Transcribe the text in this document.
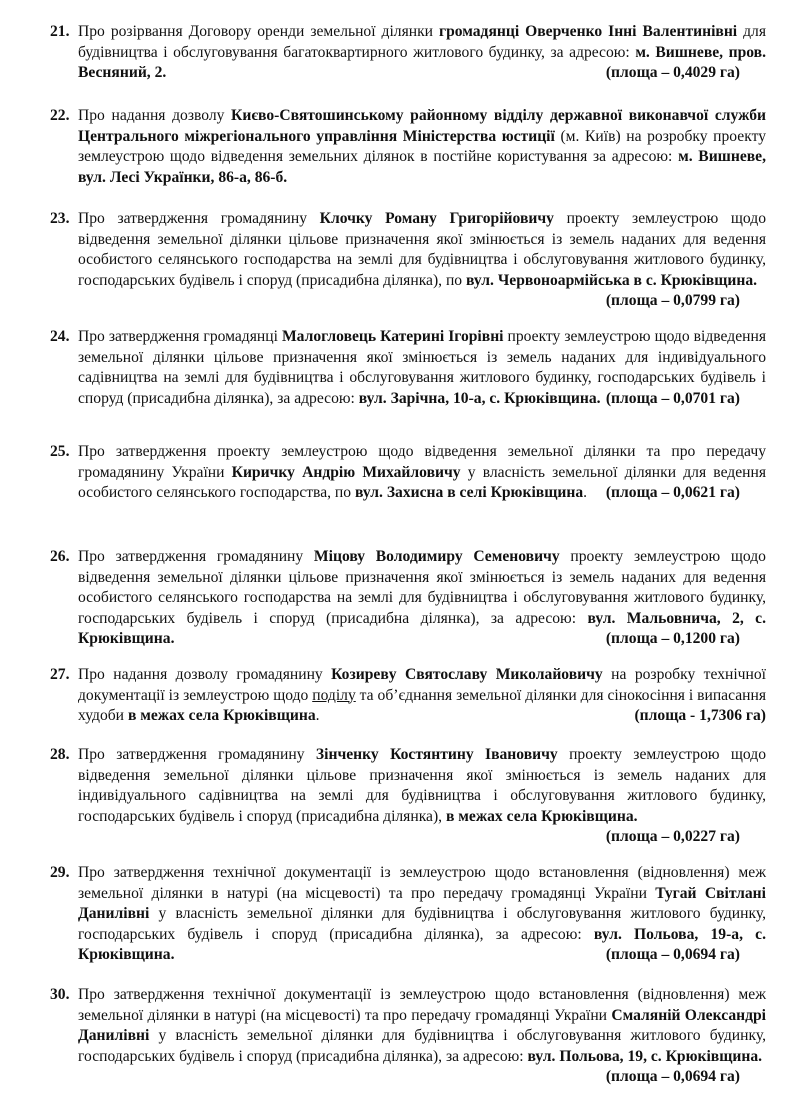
21. Про розірвання Договору оренди земельної ділянки громадянці Оверченко Інні Валентинівні для будівництва і обслуговування багатоквартирного житлового будинку, за адресою: м. Вишневе, пров. Весняний, 2.	(площа – 0,4029 га)
22. Про надання дозволу Києво-Святошинському районному відділу державної виконавчої служби Центрального міжрегіонального управління Міністерства юстиції (м. Київ) на розробку проекту землеустрою щодо відведення земельних ділянок в постійне користування за адресою: м. Вишневе, вул. Лесі Українки, 86-а, 86-б.
23. Про затвердження громадянину Клочку Роману Григорійовичу проекту землеустрою щодо відведення земельної ділянки цільове призначення якої змінюється із земель наданих для ведення особистого селянського господарства на землі для будівництва і обслуговування житлового будинку, господарських будівель і споруд (присадибна ділянка), по вул. Червоноармійська в с. Крюківщина.
(площа – 0,0799 га)
24. Про затвердження громадянці Малогловець Катерині Ігорівні проекту землеустрою щодо відведення земельної ділянки цільове призначення якої змінюється із земель наданих для індивідуального садівництва на землі для будівництва і обслуговування житлового будинку, господарських будівель і споруд (присадибна ділянка), за адресою: вул. Зарічна, 10-а, с. Крюківщина. (площа – 0,0701 га)
25. Про затвердження проекту землеустрою щодо відведення земельної ділянки та про передачу громадянину України Киричку Андрію Михайловичу у власність земельної ділянки для ведення особистого селянського господарства, по вул. Захисна в селі Крюківщина. (площа – 0,0621 га)
26. Про затвердження громадянину Міцову Володимиру Семеновичу проекту землеустрою щодо відведення земельної ділянки цільове призначення якої змінюється із земель наданих для ведення особистого селянського господарства на землі для будівництва і обслуговування житлового будинку, господарських будівель і споруд (присадибна ділянка), за адресою: вул. Мальовнича, 2, с. Крюківщина.	(площа – 0,1200 га)
27. Про надання дозволу громадянину Козиревy Святославу Миколайовичу на розробку технічної документації із землеустрою щодо поділу та об’єднання земельної ділянки для сінокосіння і випасання худоби в межах села Крюківщина.	(площа - 1,7306 га)
28. Про затвердження громадянину Зінченку Костянтину Івановичу проекту землеустрою щодо відведення земельної ділянки цільове призначення якої змінюється із земель наданих для індивідуального садівництва на землі для будівництва і обслуговування житлового будинку, господарських будівель і споруд (присадибна ділянка), в межах села Крюківщина.
(площа – 0,0227 га)
29. Про затвердження технічної документації із землеустрою щодо встановлення (відновлення) меж земельної ділянки в натурі (на місцевості) та про передачу громадянці України Тугай Світлані Данилівні у власність земельної ділянки для будівництва і обслуговування житлового будинку, господарських будівель і споруд (присадибна ділянка), за адресою: вул. Польова, 19-а, с. Крюківщина.	(площа – 0,0694 га)
30. Про затвердження технічної документації із землеустрою щодо встановлення (відновлення) меж земельної ділянки в натурі (на місцевості) та про передачу громадянці України Смаляній Олександрі Данилівні у власність земельної ділянки для будівництва і обслуговування житлового будинку, господарських будівель і споруд (присадибна ділянка), за адресою: вул. Польова, 19, с. Крюківщина.
(площа – 0,0694 га)
